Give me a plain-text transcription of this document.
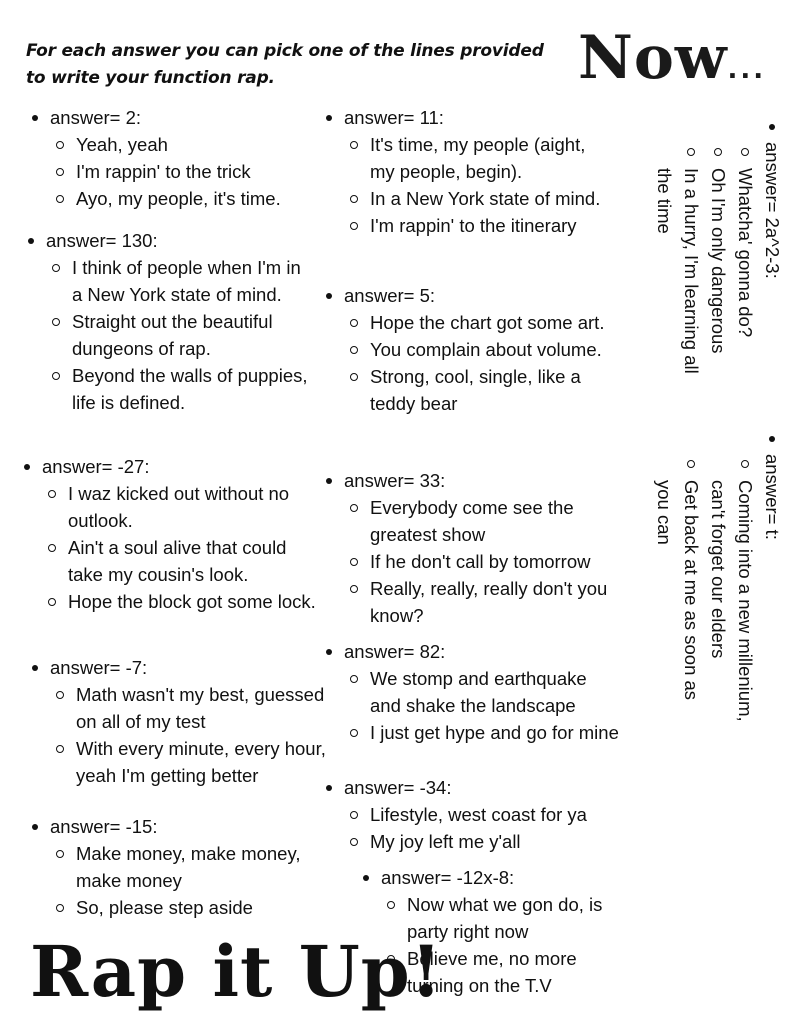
For each answer you can pick one of the lines provided to write your function rap.	Now...
answer= 2:
Yeah, yeah
I'm rappin' to the trick
Ayo, my people, it's time.
answer= 130:
I think of people when I'm in a New York state of mind.
Straight out the beautiful dungeons of rap.
Beyond the walls of puppies, life is defined.
answer= -27:
I waz kicked out without no outlook.
Ain't a soul alive that could take my cousin's look.
Hope the block got some lock.
answer= -7:
Math wasn't my best, guessed on all of my test
With every minute, every hour, yeah I'm getting better
answer= -15:
Make money, make money, make money
So, please step aside
answer= 11:
It's time, my people (aight, my people, begin).
In a New York state of mind.
I'm rappin' to the itinerary
answer= 5:
Hope the chart got some art.
You complain about volume.
Strong, cool, single, like a teddy bear
answer= 33:
Everybody come see the greatest show
If he don't call by tomorrow
Really, really, really don't you know?
answer= 82:
We stomp and earthquake and shake the landscape
I just get hype and go for mine
answer= -34:
Lifestyle, west coast for ya
My joy left me y'all
answer= -12x-8:
Now what we gon do, is party right now
Believe me, no more turning on the T.V
answer= 2a^2-3:
Whatcha' gonna do?
Oh I'm only dangerous
In a hurry, I'm learning all the time
answer= t:
Coming into a new millenium, can't forget our elders
Get back at me as soon as you can
Rap it Up!
